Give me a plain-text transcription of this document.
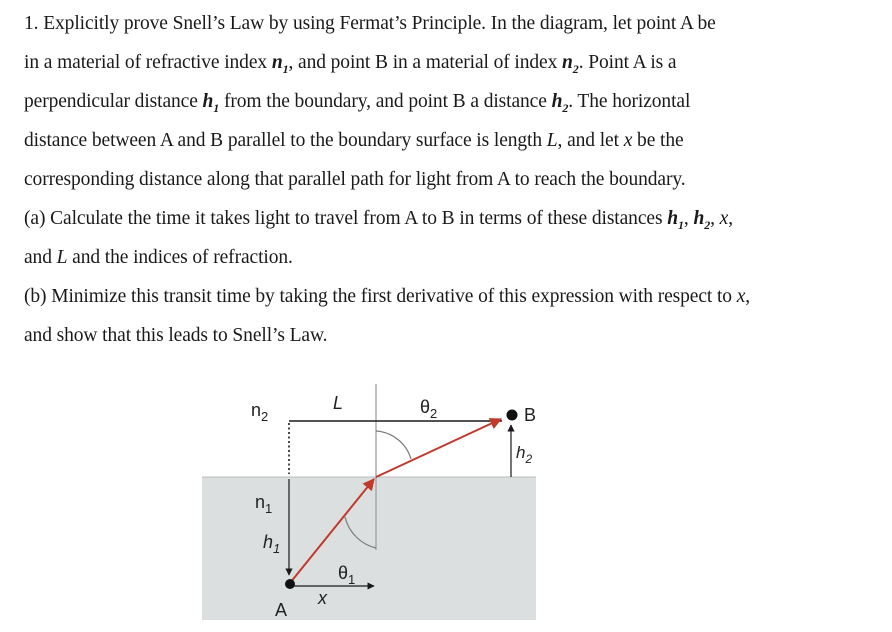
1. Explicitly prove Snell’s Law by using Fermat’s Principle. In the diagram, let point A be
in a material of refractive index $n_1$, and point B in a material of index $n_2$. Point A is a
perpendicular distance $h_1$ from the boundary, and point B a distance $h_2$. The horizontal
distance between A and B parallel to the boundary surface is length L, and let x be the
corresponding distance along that parallel path for light from A to reach the boundary.
(a) Calculate the time it takes light to travel from A to B in terms of these distances $h_1$, $h_2$, x,
and L and the indices of refraction.
(b) Minimize this transit time by taking the first derivative of this expression with respect to x,
and show that this leads to Snell’s Law.
$n_2$
$n_1$
$h_1$
$h_2$
L	$\theta_2$
$\theta_1$
A
B
x
